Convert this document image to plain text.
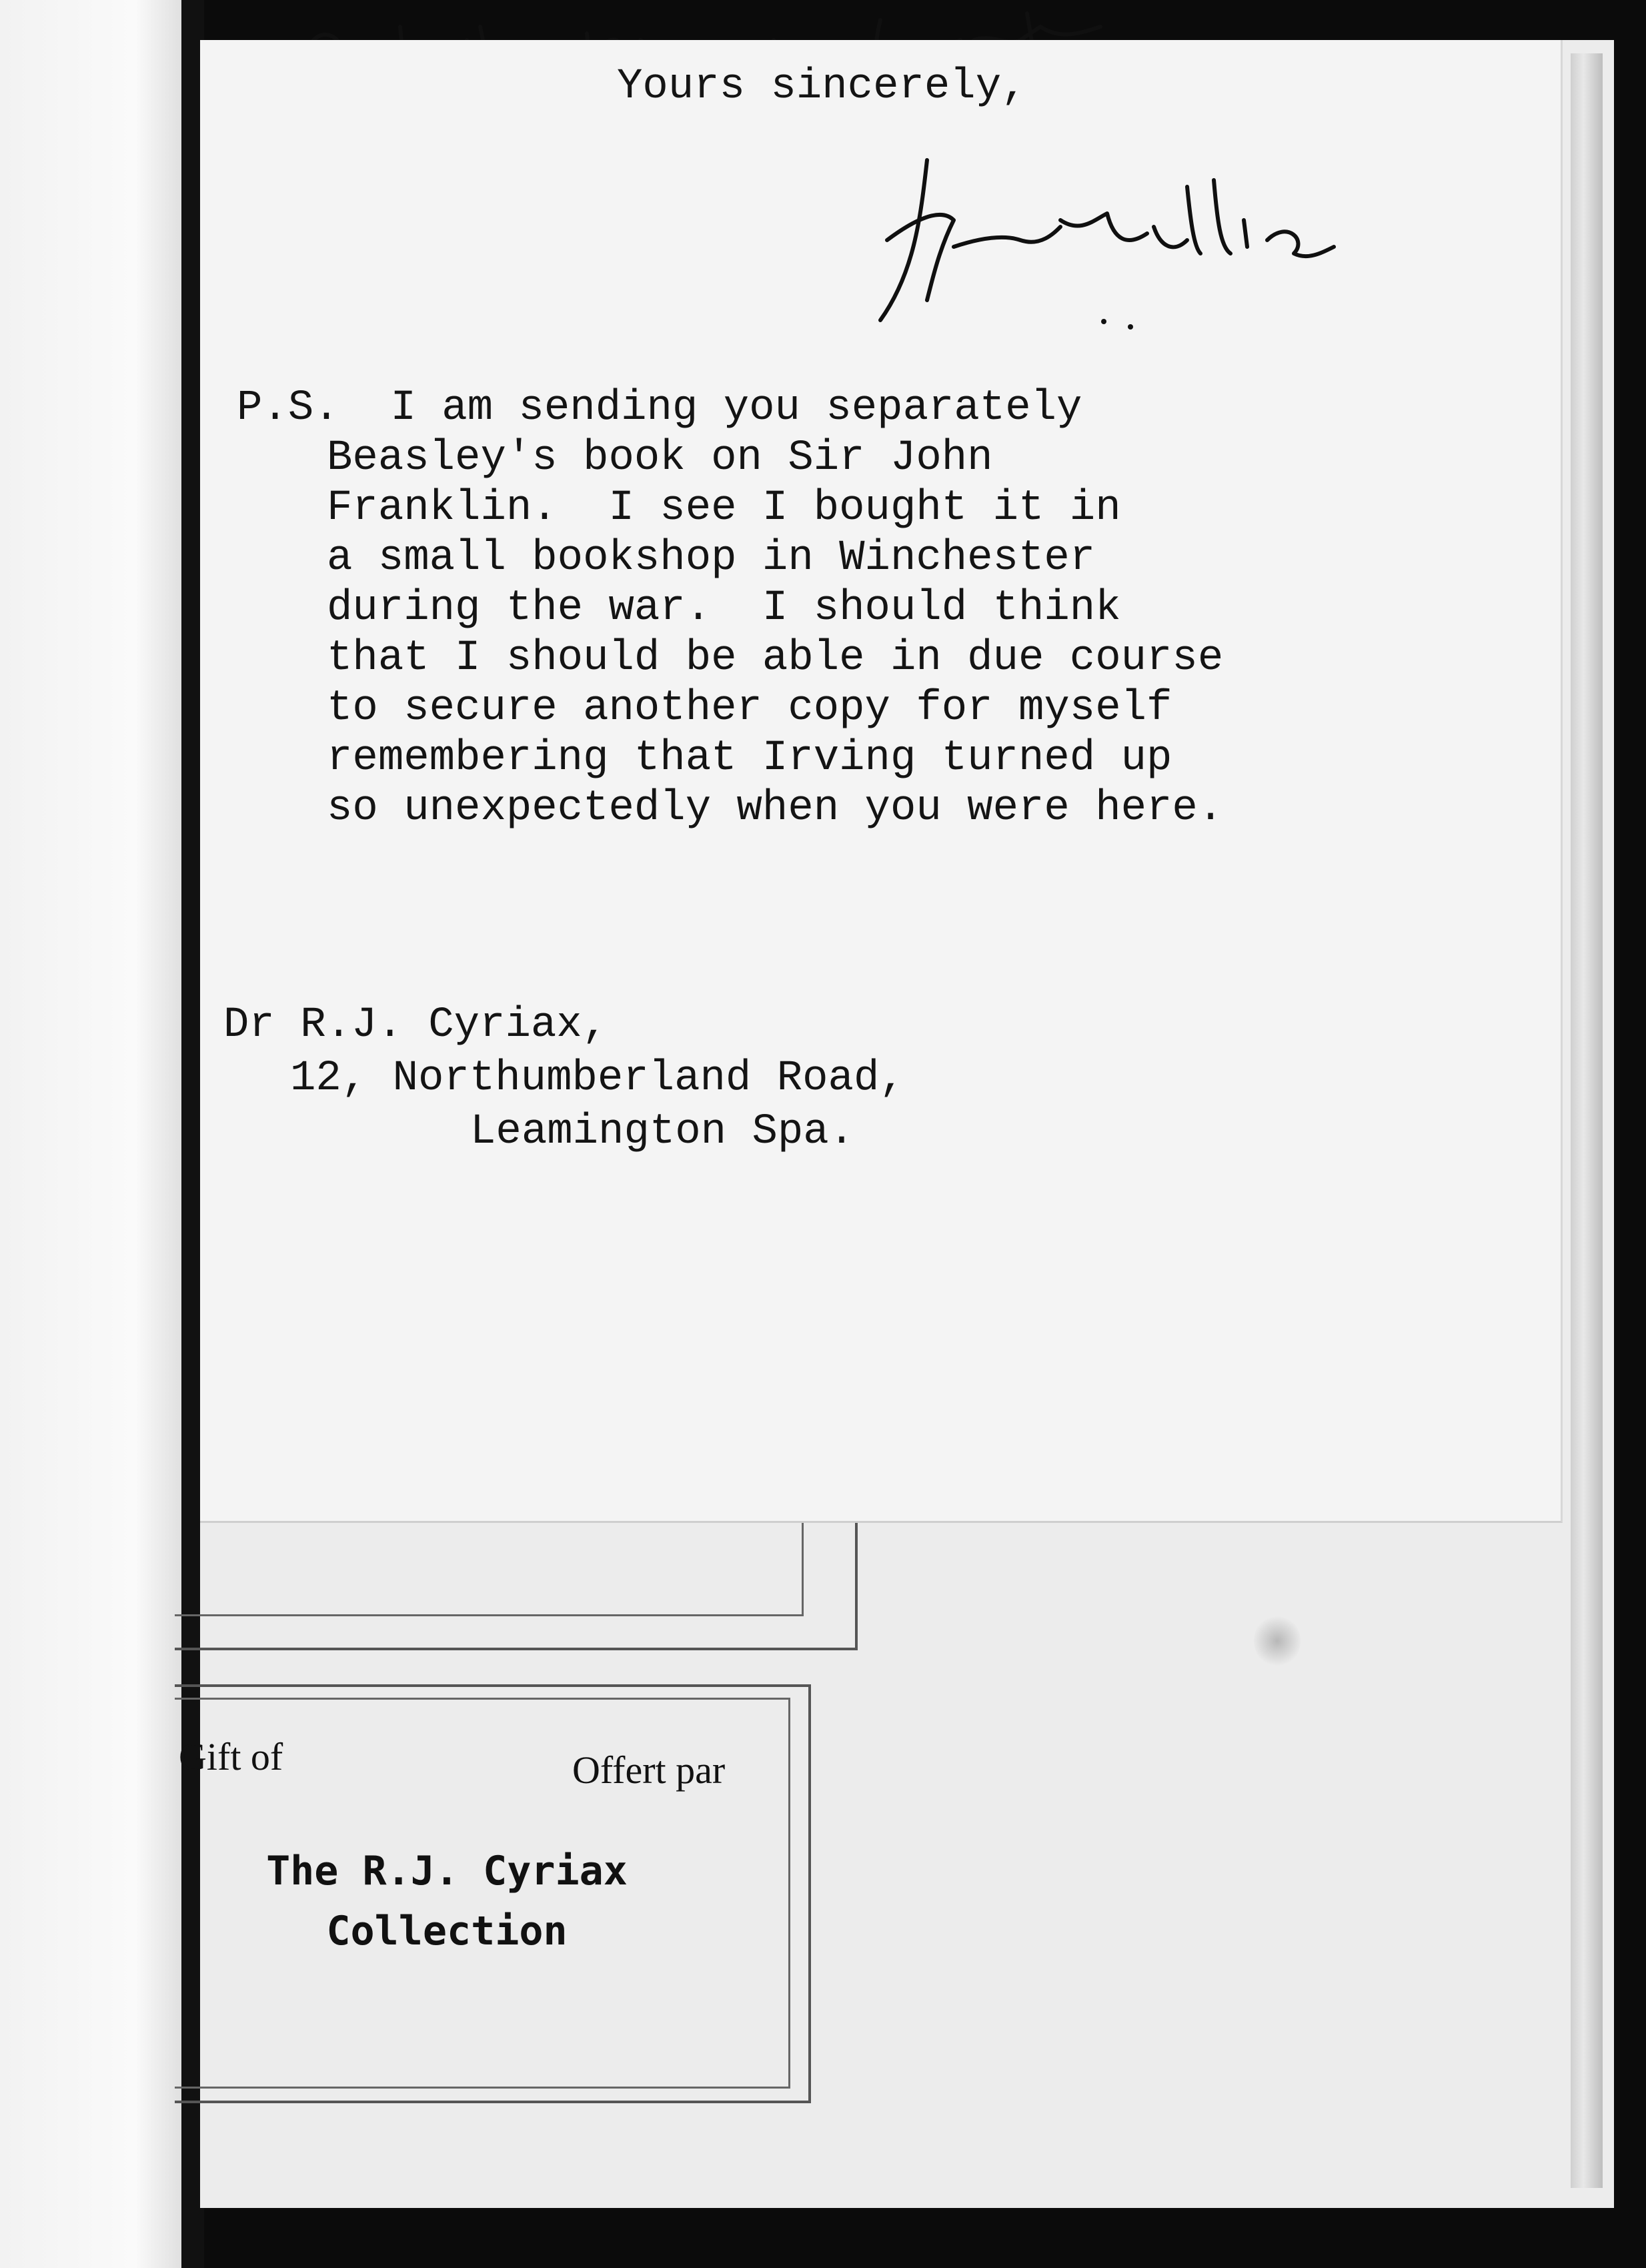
Yours sincerely,
P.S.  I am sending you separately
Beasley's book on Sir John
Franklin.  I see I bought it in
a small bookshop in Winchester
during the war.  I should think
that I should be able in due course
to secure another copy for myself
remembering that Irving turned up
so unexpectedly when you were here.
Dr R.J. Cyriax,
12, Northumberland Road,
Leamington Spa.
Gift of	Offert par
The R.J. Cyriax
Collection
